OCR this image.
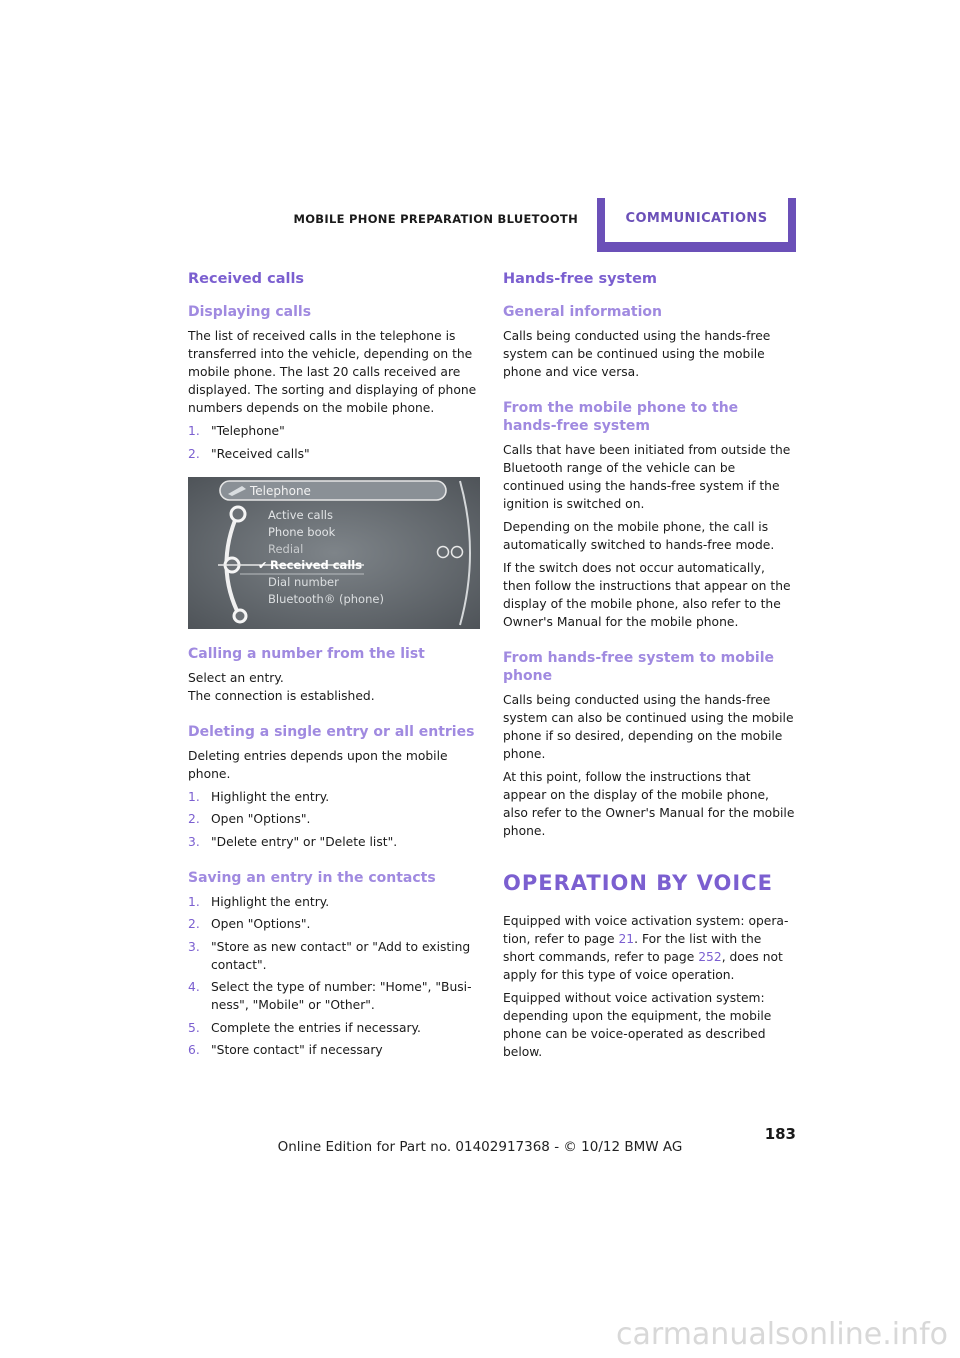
MOBILE PHONE PREPARATION BLUETOOTH	COMMUNICATIONS
Received calls
Displaying calls

The list of received calls in the telephone is transferred into the vehicle, depending on the mobile phone. The last 20 calls received are displayed. The sorting and displaying of phone numbers depends on the mobile phone.

1. "Telephone"
2. "Received calls"
Telephone
Active calls
Phone book
Redial
✔ Received calls
Dial number
Bluetooth® (phone)
Calling a number from the list

Select an entry.

The connection is established.

Deleting a single entry or all entries

Deleting entries depends upon the mobile phone.

1. Highlight the entry.
2. Open "Options".
3. "Delete entry" or "Delete list".
Saving an entry in the contacts
1. Highlight the entry.
2. Open "Options".
3. "Store as new contact" or "Add to existing contact".
4. Select the type of number: "Home", "Business", "Mobile" or "Other".
5. Complete the entries if necessary.
6. "Store contact" if necessary
Hands-free system
General information

Calls being conducted using the hands-free system can be continued using the mobile phone and vice versa.

From the mobile phone to the hands-free system

Calls that have been initiated from outside the Bluetooth range of the vehicle can be continued using the hands-free system if the ignition is switched on.

Depending on the mobile phone, the call is automatically switched to hands-free mode.

If the switch does not occur automatically, then follow the instructions that appear on the display of the mobile phone, also refer to the Owner's Manual for the mobile phone.

From hands-free system to mobile phone

Calls being conducted using the hands-free system can also be continued using the mobile phone if so desired, depending on the mobile phone.

At this point, follow the instructions that appear on the display of the mobile phone, also refer to the Owner's Manual for the mobile phone.

OPERATION BY VOICE

Equipped with voice activation system: operation, refer to page 21. For the list with the short commands, refer to page 252, does not apply for this type of voice operation.

Equipped without voice activation system: depending upon the equipment, the mobile phone can be voice-operated as described below.

183
Online Edition for Part no. 01402917368 - © 10/12 BMW AG
carmanualsonline.info
